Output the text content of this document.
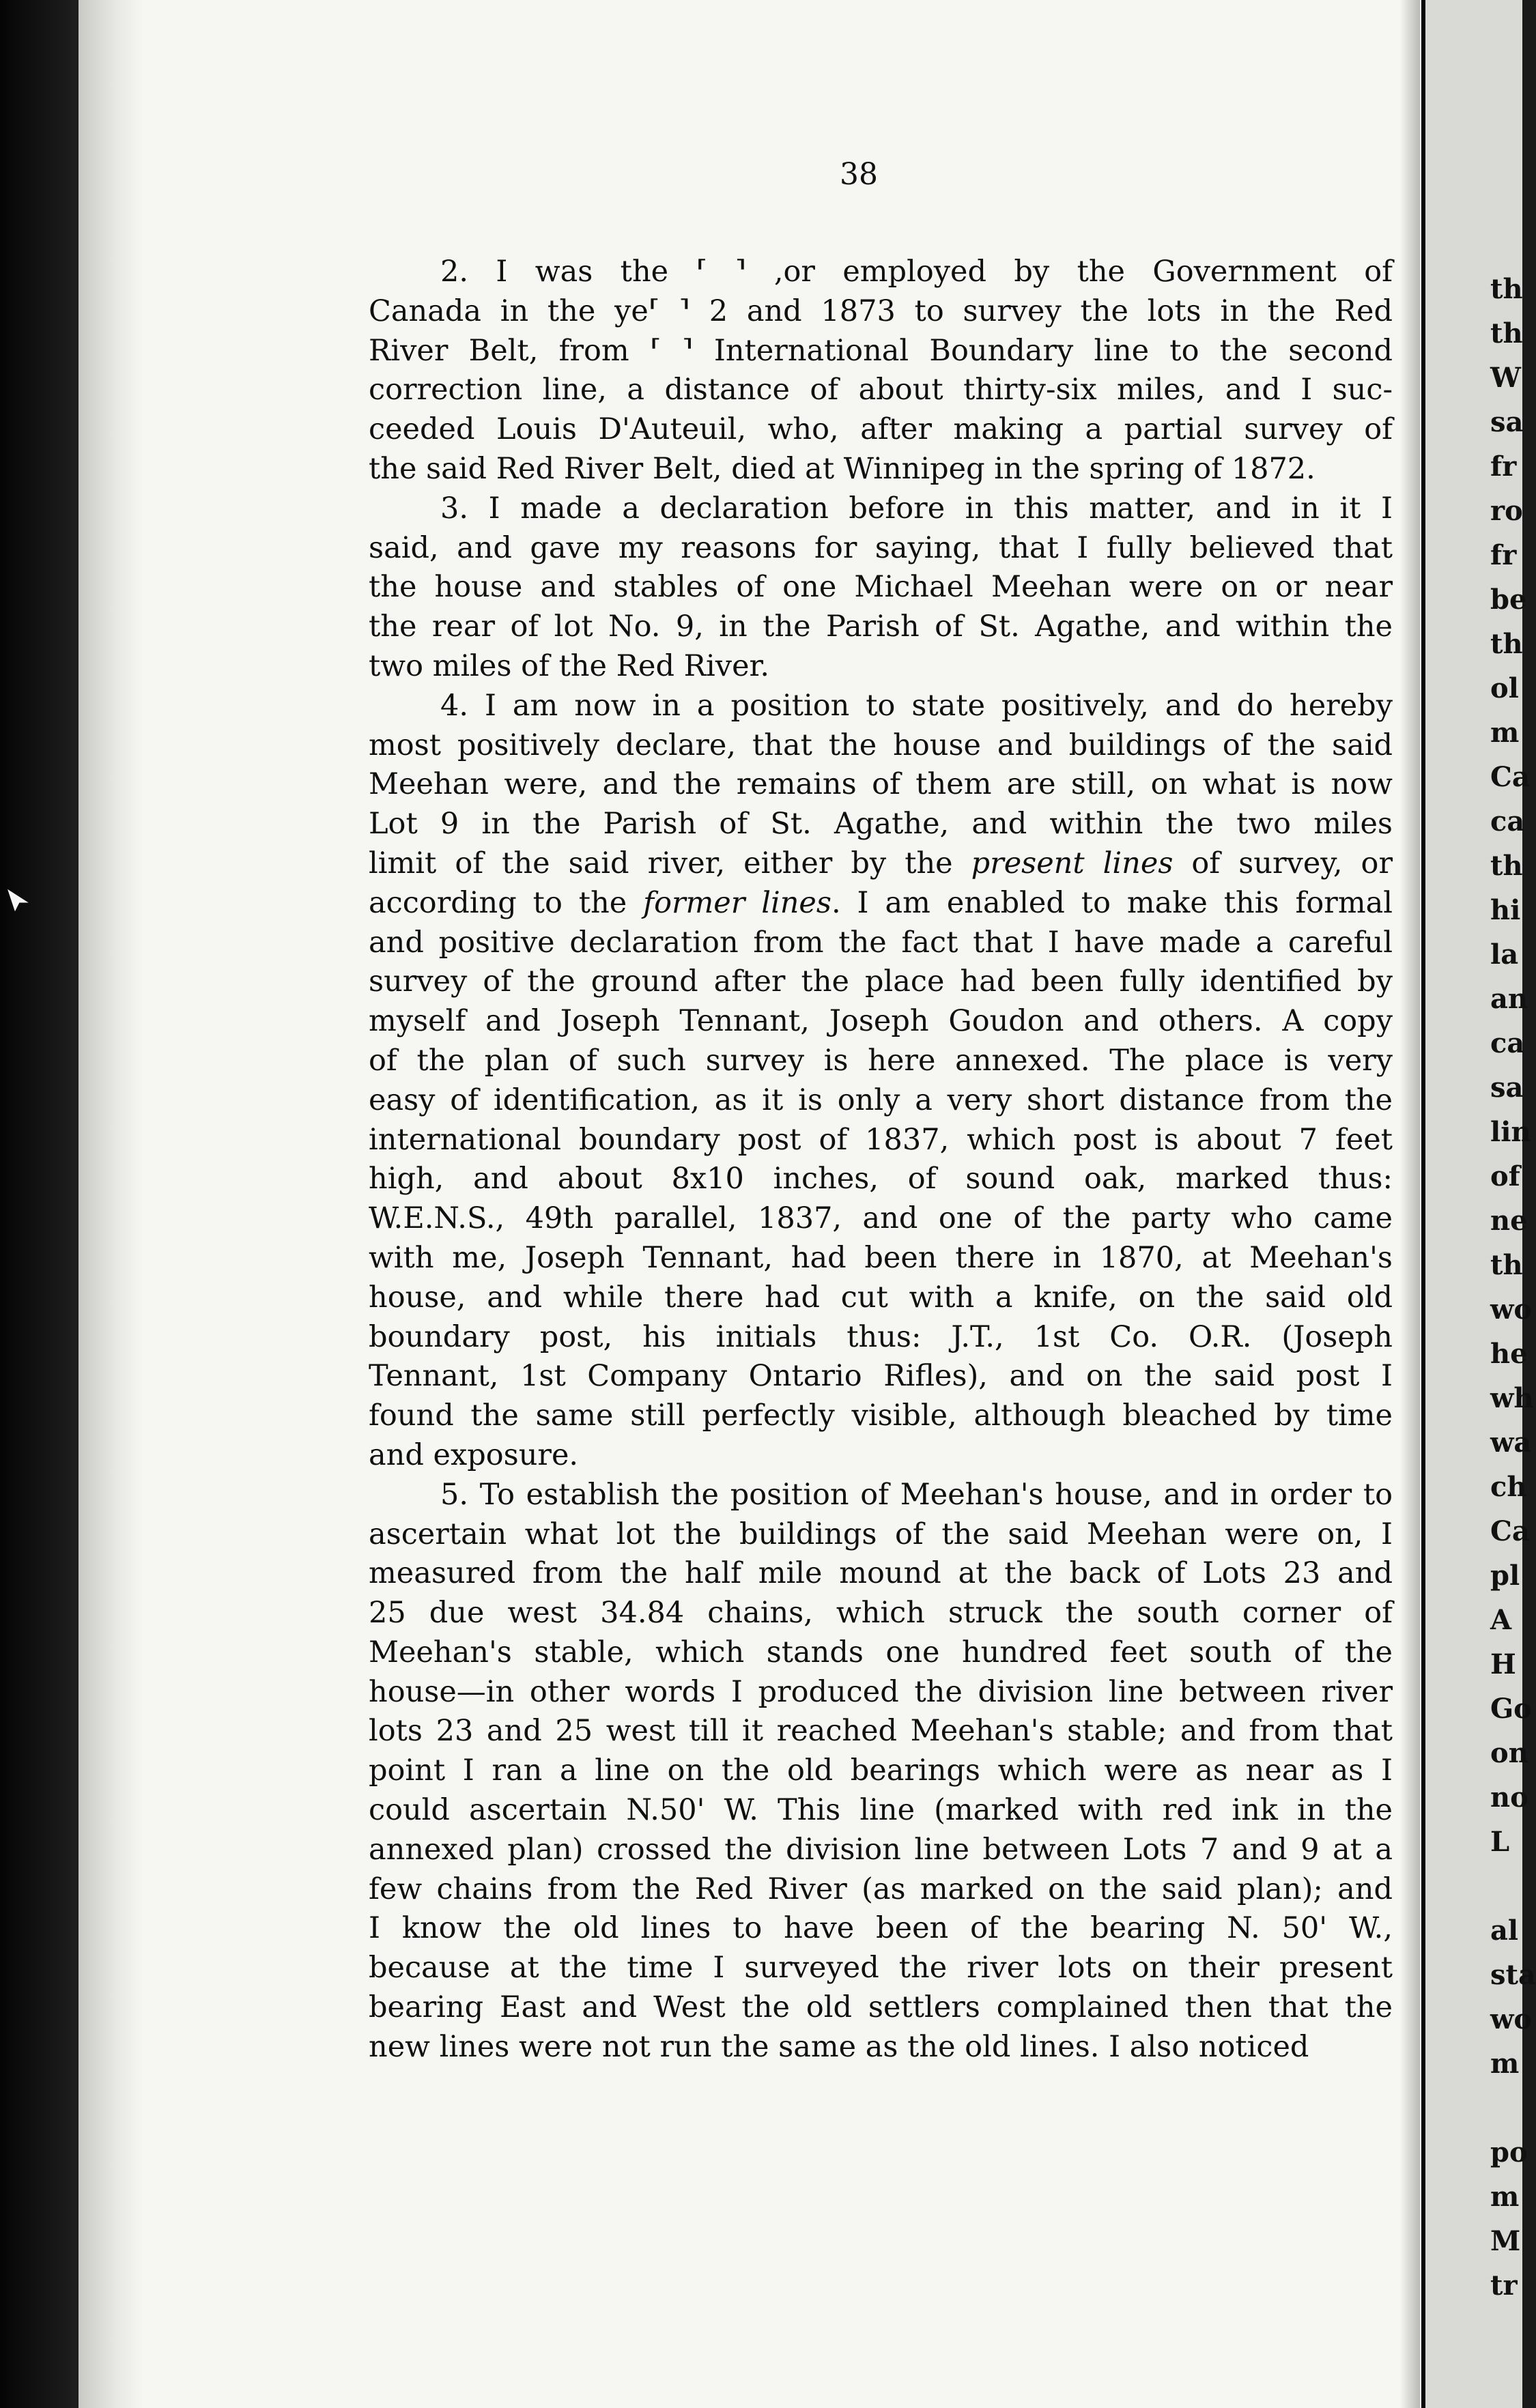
th
th
W
sa
fr
ro
fr
be
th
ol
m
Ca
ca
th
hi
la
an
ca
sa
lin
of
ne
th
wo
he
wh
wa
ch
Ca
pl
A
H
Go
on
no
L
al
sta
wo
m
po
m
M
tr
38
2. I was the ⸢ ⸣ ,or employed by the Government of
Canada in the ye⸢ ⸣ 2 and 1873 to survey the lots in the Red
River Belt, from ⸢ ⸣ International Boundary line to the second
correction line, a distance of about thirty-six miles, and I suc-
ceeded Louis D'Auteuil, who, after making a partial survey of
the said Red River Belt, died at Winnipeg in the spring of 1872.
3. I made a declaration before in this matter, and in it I
said, and gave my reasons for saying, that I fully believed that
the house and stables of one Michael Meehan were on or near
the rear of lot No. 9, in the Parish of St. Agathe, and within the
two miles of the Red River.
4. I am now in a position to state positively, and do hereby
most positively declare, that the house and buildings of the said
Meehan were, and the remains of them are still, on what is now
Lot 9 in the Parish of St. Agathe, and within the two miles
limit of the said river, either by the present lines of survey, or
according to the former lines. I am enabled to make this formal
and positive declaration from the fact that I have made a careful
survey of the ground after the place had been fully identified by
myself and Joseph Tennant, Joseph Goudon and others. A copy
of the plan of such survey is here annexed. The place is very
easy of identification, as it is only a very short distance from the
international boundary post of 1837, which post is about 7 feet
high, and about 8x10 inches, of sound oak, marked thus:
W.E.N.S., 49th parallel, 1837, and one of the party who came
with me, Joseph Tennant, had been there in 1870, at Meehan's
house, and while there had cut with a knife, on the said old
boundary post, his initials thus: J.T., 1st Co. O.R. (Joseph
Tennant, 1st Company Ontario Rifles), and on the said post I
found the same still perfectly visible, although bleached by time
and exposure.
5. To establish the position of Meehan's house, and in order to
ascertain what lot the buildings of the said Meehan were on, I
measured from the half mile mound at the back of Lots 23 and
25 due west 34.84 chains, which struck the south corner of
Meehan's stable, which stands one hundred feet south of the
house—in other words I produced the division line between river
lots 23 and 25 west till it reached Meehan's stable; and from that
point I ran a line on the old bearings which were as near as I
could ascertain N.50' W. This line (marked with red ink in the
annexed plan) crossed the division line between Lots 7 and 9 at a
few chains from the Red River (as marked on the said plan); and
I know the old lines to have been of the bearing N. 50' W.,
because at the time I surveyed the river lots on their present
bearing East and West the old settlers complained then that the
new lines were not run the same as the old lines. I also noticed
